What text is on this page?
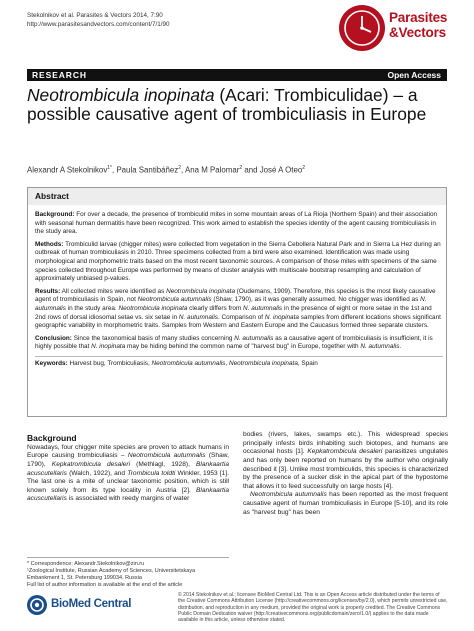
Stekolnikov et al. Parasites & Vectors 2014, 7:90
http://www.parasitesandvectors.com/content/7/1/90	Parasites
&Vectors
RESEARCH	Open Access
Neotrombicula inopinata (Acari: Trombiculidae) – a possible causative agent of trombiculiasis in Europe
Alexandr A Stekolnikov$^{1*}$, Paula Santibáñez$^2$, Ana M Palomar$^2$ and José A Oteo$^2$
Abstract

Background: For over a decade, the presence of trombiculid mites in some mountain areas of La Rioja (Northern Spain) and their association with seasonal human dermatitis have been recognized. This work aimed to establish the species identity of the agent causing trombiculiasis in the study area.

Methods: Trombiculid larvae (chigger mites) were collected from vegetation in the Sierra Cebollera Natural Park and in Sierra La Hez during an outbreak of human trombiculiasis in 2010. Three specimens collected from a bird were also examined. Identification was made using morphological and morphometric traits based on the most recent taxonomic sources. A comparison of those mites with specimens of the same species collected throughout Europe was performed by means of cluster analysis with multiscale bootstrap resampling and calculation of approximately unbiased p-values.

Results: All collected mites were identified as Neotrombicula inopinata (Oudemans, 1909). Therefore, this species is the most likely causative agent of trombiculiasis in Spain, not Neotrombicula autumnalis (Shaw, 1790), as it was generally assumed. No chigger was identified as N. autumnalis in the study area. Neotrombicula inopinata clearly differs from N. autumnalis in the presence of eight or more setae in the 1st and 2nd rows of dorsal idiosomal setae vs. six setae in N. autumnalis. Comparison of N. inopinata samples from different locations shows significant geographic variability in morphometric traits. Samples from Western and Eastern Europe and the Caucasus formed three separate clusters.

Conclusion: Since the taxonomical basis of many studies concerning N. autumnalis as a causative agent of trombiculiasis is insufficient, it is highly possible that N. inopinata may be hiding behind the common name of "harvest bug" in Europe, together with N. autumnalis.

Keywords: Harvest bug, Trombiculiasis, Neotrombicula autumnalis, Neotrombicula inopinata, Spain

Background

Nowadays, four chigger mite species are proven to attack humans in Europe causing trombiculiasis – Neotrombicula autumnalis (Shaw, 1790), Kepkatrombicula desaleri (Methlagl, 1928), Blankaartia acuscutellaris (Walch, 1922), and Trombicula toldti Winkler, 1953 [1]. The last one is a mite of unclear taxonomic position, which is still known solely from its type locality in Austria [2]. Blankaartia acuscutellaris is associated with reedy margins of water

bodies (rivers, lakes, swamps etc.). This widespread species principally infests birds inhabiting such biotopes, and humans are occasional hosts [1]. Kepkatrombicula desaleri parasitizes ungulates and has only been reported on humans by the author who originally described it [3]. Unlike most trombiculids, this species is characterized by the presence of a sucker disk in the apical part of the hypostome that allows it to feed successfully on large hosts [4].

Neotrombicula autumnalis has been reported as the most frequent causative agent of human trombiculiasis in Europe [5-10], and its role as "harvest bug" has been

* Correspondence: Alexandr.Stekolnikov@zin.ru

¹Zoological Institute, Russian Academy of Sciences, Universitetskaya Embankment 1, St. Petersburg 199034, Russia

Full list of author information is available at the end of the article

BioMed Central

© 2014 Stekolnikov et al.; licensee BioMed Central Ltd. This is an Open Access article distributed under the terms of the Creative Commons Attribution License (http://creativecommons.org/licenses/by/2.0), which permits unrestricted use, distribution, and reproduction in any medium, provided the original work is properly credited. The Creative Commons Public Domain Dedication waiver (http://creativecommons.org/publicdomain/zero/1.0/) applies to the data made available in this article, unless otherwise stated.
